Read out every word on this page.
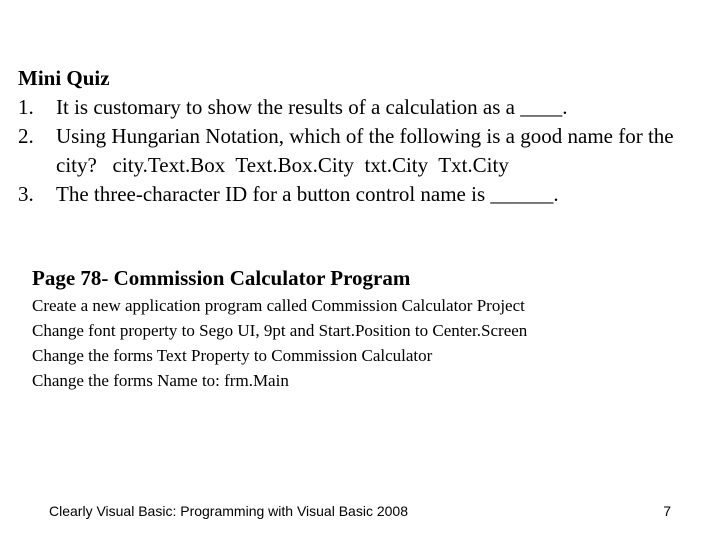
Mini Quiz
1.	It is customary to show the results of a calculation as a ____.
2.	Using Hungarian Notation, which of the following is a good name for the city?   city.Text.Box  Text.Box.City  txt.City  Txt.City
3.	The three-character ID for a button control name is ______.
Page 78- Commission Calculator Program
Create a new application program called Commission Calculator Project
Change font property to Sego UI, 9pt and Start.Position to Center.Screen
Change the forms Text Property to Commission Calculator
Change the forms Name to: frm.Main
Clearly Visual Basic: Programming with Visual Basic 2008	7
